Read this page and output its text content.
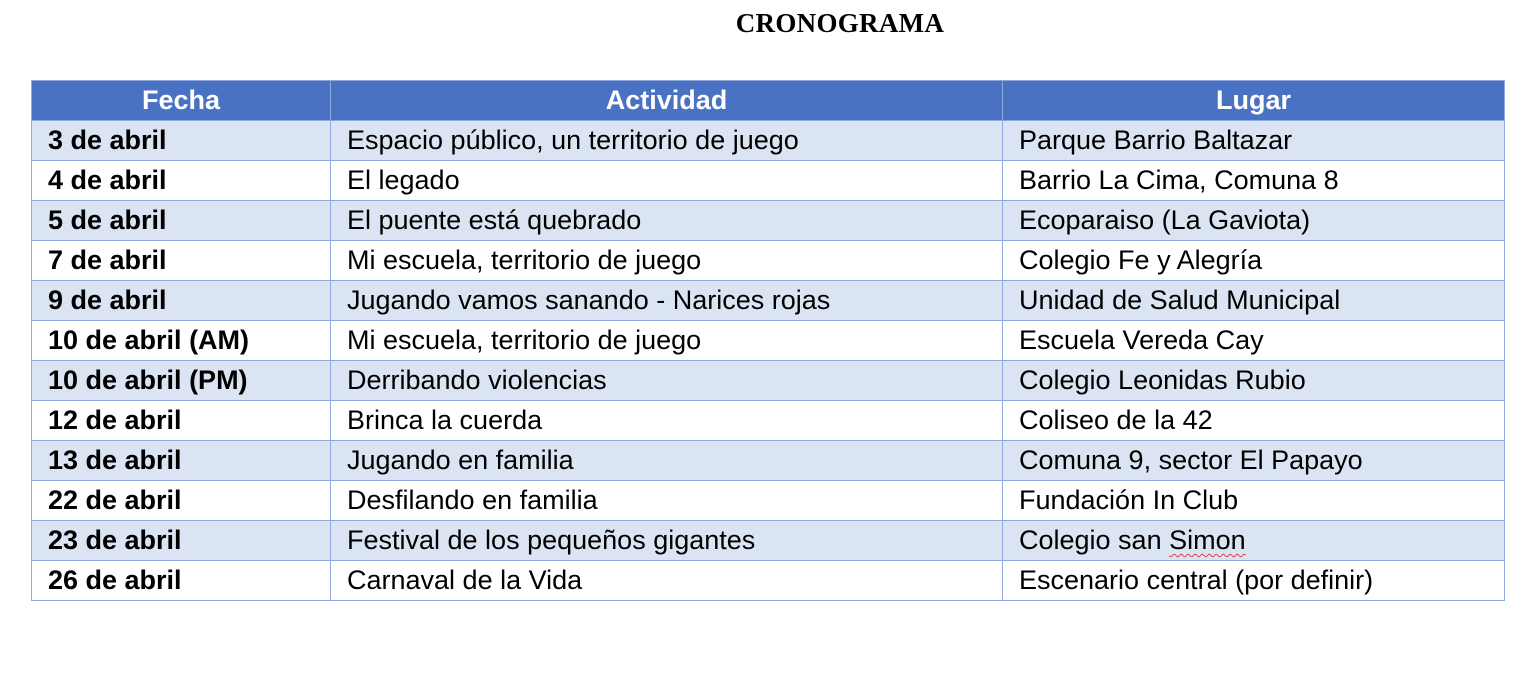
CRONOGRAMA
Fecha	Actividad	Lugar
3 de abril	Espacio público, un territorio de juego	Parque Barrio Baltazar
4 de abril	El legado	Barrio La Cima, Comuna 8
5 de abril	El puente está quebrado	Ecoparaiso (La Gaviota)
7 de abril	Mi escuela, territorio de juego	Colegio Fe y Alegría
9 de abril	Jugando vamos sanando - Narices rojas	Unidad de Salud Municipal
10 de abril (AM)	Mi escuela, territorio de juego	Escuela Vereda Cay
10 de abril (PM)	Derribando violencias	Colegio Leonidas Rubio
12 de abril	Brinca la cuerda	Coliseo de la 42
13 de abril	Jugando en familia	Comuna 9, sector El Papayo
22 de abril	Desfilando en familia	Fundación In Club
23 de abril	Festival de los pequeños gigantes	Colegio san Simon
26 de abril	Carnaval de la Vida	Escenario central (por definir)
